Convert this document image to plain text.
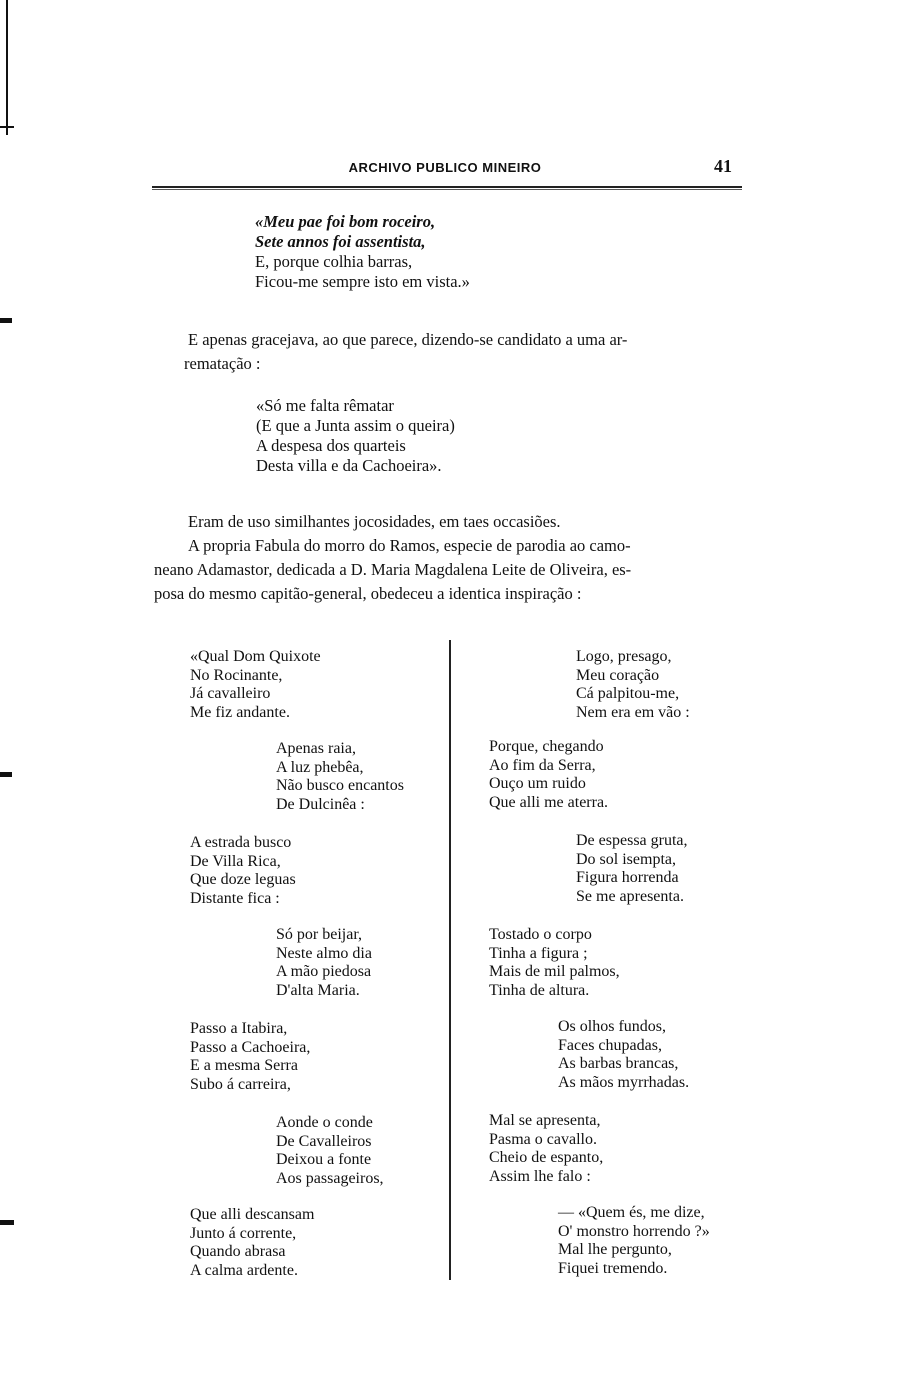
ARCHIVO PUBLICO MINEIRO	41
«Meu pae foi bom roceiro,
Sete annos foi assentista,
E, porque colhia barras,
Ficou-me sempre isto em vista.»
E apenas gracejava, ao que parece, dizendo-se candidato a uma ar-
rematação :
«Só me falta rêmatar
(E que a Junta assim o queira)
A despesa dos quarteis
Desta villa e da Cachoeira».
Eram de uso similhantes jocosidades, em taes occasiões.
A propria Fabula do morro do Ramos, especie de parodia ao camo-
neano Adamastor, dedicada a D. Maria Magdalena Leite de Oliveira, es-
posa do mesmo capitão-general, obedeceu a identica inspiração :
«Qual Dom Quixote
No Rocinante,
Já cavalleiro
Me fiz andante.
Apenas raia,
A luz phebêa,
Não busco encantos
De Dulcinêa :
A estrada busco
De Villa Rica,
Que doze leguas
Distante fica :
Só por beijar,
Neste almo dia
A mão piedosa
D'alta Maria.
Passo a Itabira,
Passo a Cachoeira,
E a mesma Serra
Subo á carreira,
Aonde o conde
De Cavalleiros
Deixou a fonte
Aos passageiros,
Que alli descansam
Junto á corrente,
Quando abrasa
A calma ardente.
Logo, presago,
Meu coração
Cá palpitou-me,
Nem era em vão :
Porque, chegando
Ao fim da Serra,
Ouço um ruido
Que alli me aterra.
De espessa gruta,
Do sol isempta,
Figura horrenda
Se me apresenta.
Tostado o corpo
Tinha a figura ;
Mais de mil palmos,
Tinha de altura.
Os olhos fundos,
Faces chupadas,
As barbas brancas,
As mãos myrrhadas.
Mal se apresenta,
Pasma o cavallo.
Cheio de espanto,
Assim lhe falo :
— «Quem és, me dize,
O' monstro horrendo ?»
Mal lhe pergunto,
Fiquei tremendo.
